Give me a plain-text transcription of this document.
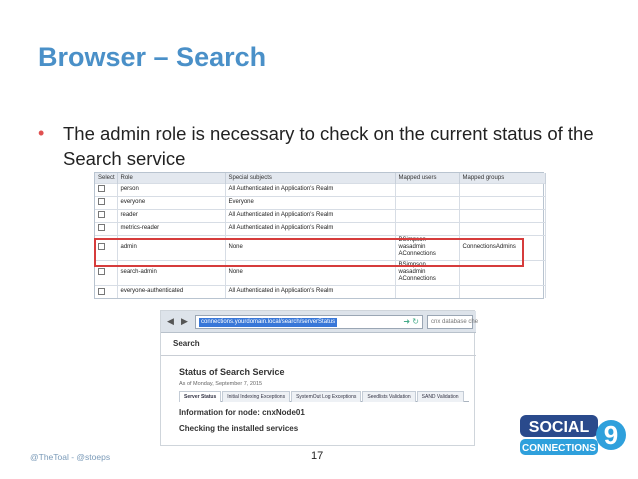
Browser – Search
•	The admin role is necessary to check on the current status of the Search service
Select	Role	Special subjects	Mapped users	Mapped groups
	person	All Authenticated in Application's Realm		
	everyone	Everyone		
	reader	All Authenticated in Application's Realm		
	metrics-reader	All Authenticated in Application's Realm		
	admin	None	BSimpson
wasadmin
AConnections	ConnectionsAdmins
	search-admin	None	BSimpson
wasadmin
AConnections	

	everyone-authenticated	All Authenticated in Application's Realm		
◀ ▶	connections.yourdomain.local/search/serverStatus	➜ ↻	cnx database che
Search
Status of Search Service
As of Monday, September 7, 2015
Server Status	Initial Indexing Exceptions	SystemOut Log Exceptions	Seedlists Validation	SAND Validation
Information for node: cnxNode01
Checking the installed services
@TheToal - @stoeps	17
SOCIAL
CONNECTIONS 9
